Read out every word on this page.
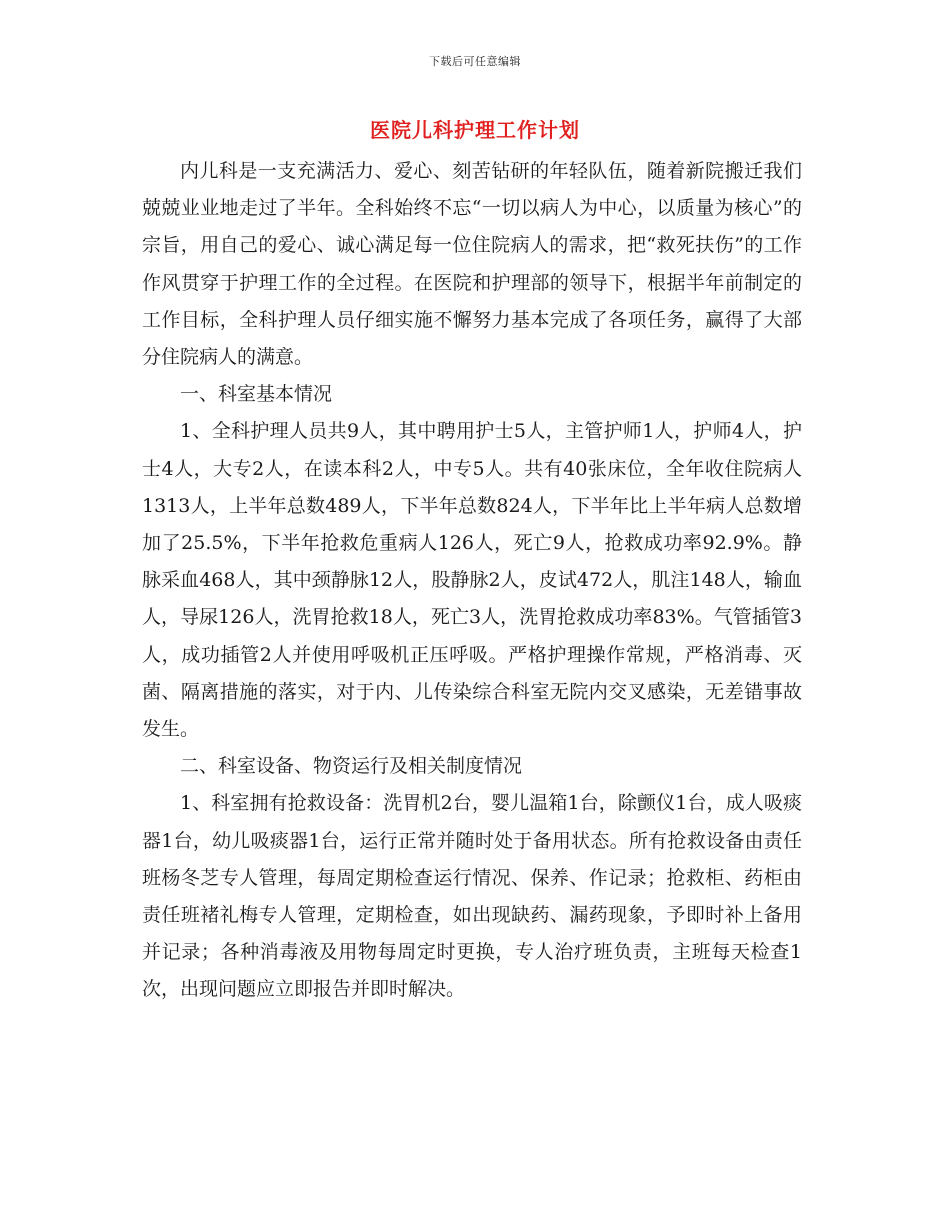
下载后可任意编辑
医院儿科护理工作计划

内儿科是一支充满活力、爱心、刻苦钻研的年轻队伍，随着新院搬迁我们兢兢业业地走过了半年。全科始终不忘“一切以病人为中心，以质量为核心”的宗旨，用自己的爱心、诚心满足每一位住院病人的需求，把“救死扶伤”的工作作风贯穿于护理工作的全过程。在医院和护理部的领导下，根据半年前制定的工作目标，全科护理人员仔细实施不懈努力基本完成了各项任务，赢得了大部分住院病人的满意。

一、科室基本情况

1、全科护理人员共9人，其中聘用护士5人，主管护师1人，护师4人，护士4人，大专2人，在读本科2人，中专5人。共有40张床位，全年收住院病人1313人，上半年总数489人，下半年总数824人，下半年比上半年病人总数增加了25.5%，下半年抢救危重病人126人，死亡9人，抢救成功率92.9%。静脉采血468人，其中颈静脉12人，股静脉2人，皮试472人，肌注148人，输血 人，导尿126人，洗胃抢救18人，死亡3人，洗胃抢救成功率83%。气管插管3人，成功插管2人并使用呼吸机正压呼吸。严格护理操作常规，严格消毒、灭菌、隔离措施的落实，对于内、儿传染综合科室无院内交叉感染，无差错事故发生。

二、科室设备、物资运行及相关制度情况

1、科室拥有抢救设备：洗胃机2台，婴儿温箱1台，除颤仪1台，成人吸痰器1台，幼儿吸痰器1台，运行正常并随时处于备用状态。所有抢救设备由责任班杨冬芝专人管理，每周定期检查运行情况、保养、作记录；抢救柜、药柜由责任班褚礼梅专人管理，定期检查，如出现缺药、漏药现象，予即时补上备用并记录；各种消毒液及用物每周定时更换，专人治疗班负责，主班每天检查1次，出现问题应立即报告并即时解决。
